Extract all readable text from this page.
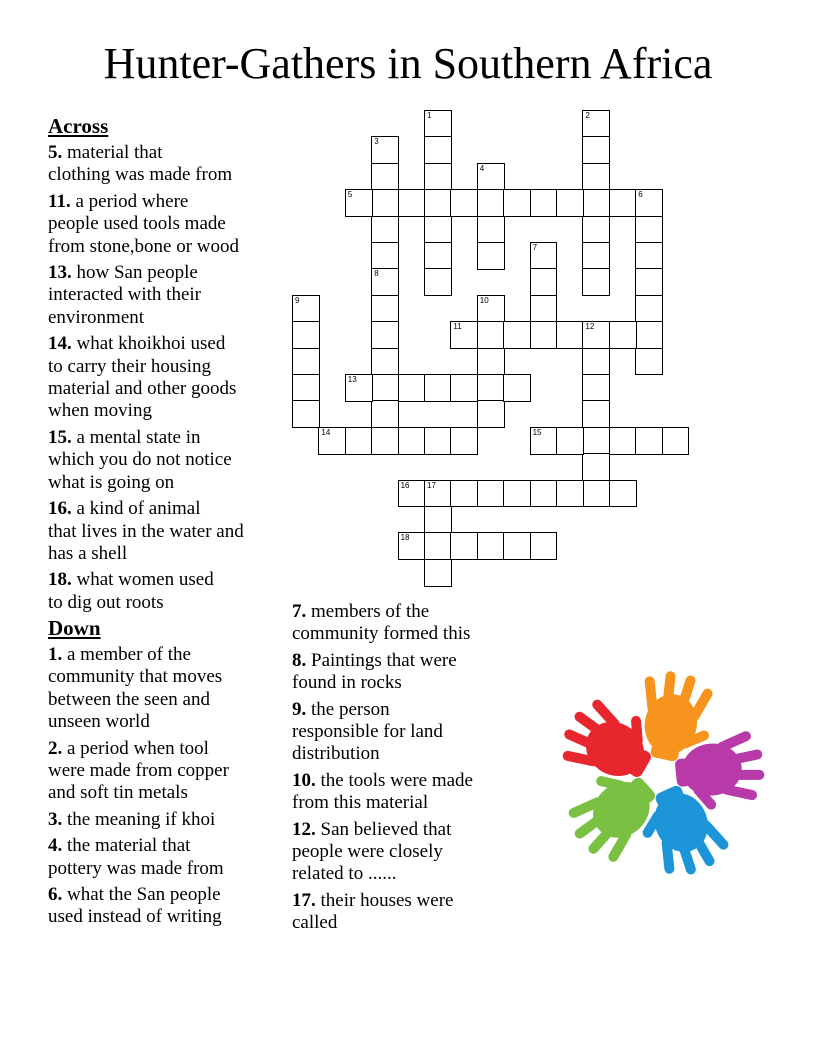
Hunter-Gathers in Southern Africa
Across
5. material that
clothing was made from
11. a period where
people used tools made
from stone,bone or wood
13. how San people
interacted with their
environment
14. what khoikhoi used
to carry their housing
material and other goods
when moving
15. a mental state in
which you do not notice
what is going on
16. a kind of animal
that lives in the water and
has a shell
18. what women used
to dig out roots
Down
1. a member of the
community that moves
between the seen and
unseen world
2. a period when tool
were made from copper
and soft tin metals
3. the meaning if khoi
4. the material that
pottery was made from
6. what the San people
used instead of writing
7. members of the
community formed this
8. Paintings that were
found in rocks
9. the person
responsible for land
distribution
10. the tools were made
from this material
12. San believed that
people were closely
related to ......
17. their houses were
called
1	2
3
8
4
5	6
7
9	10
11	12
13
14	15
16 17
18
